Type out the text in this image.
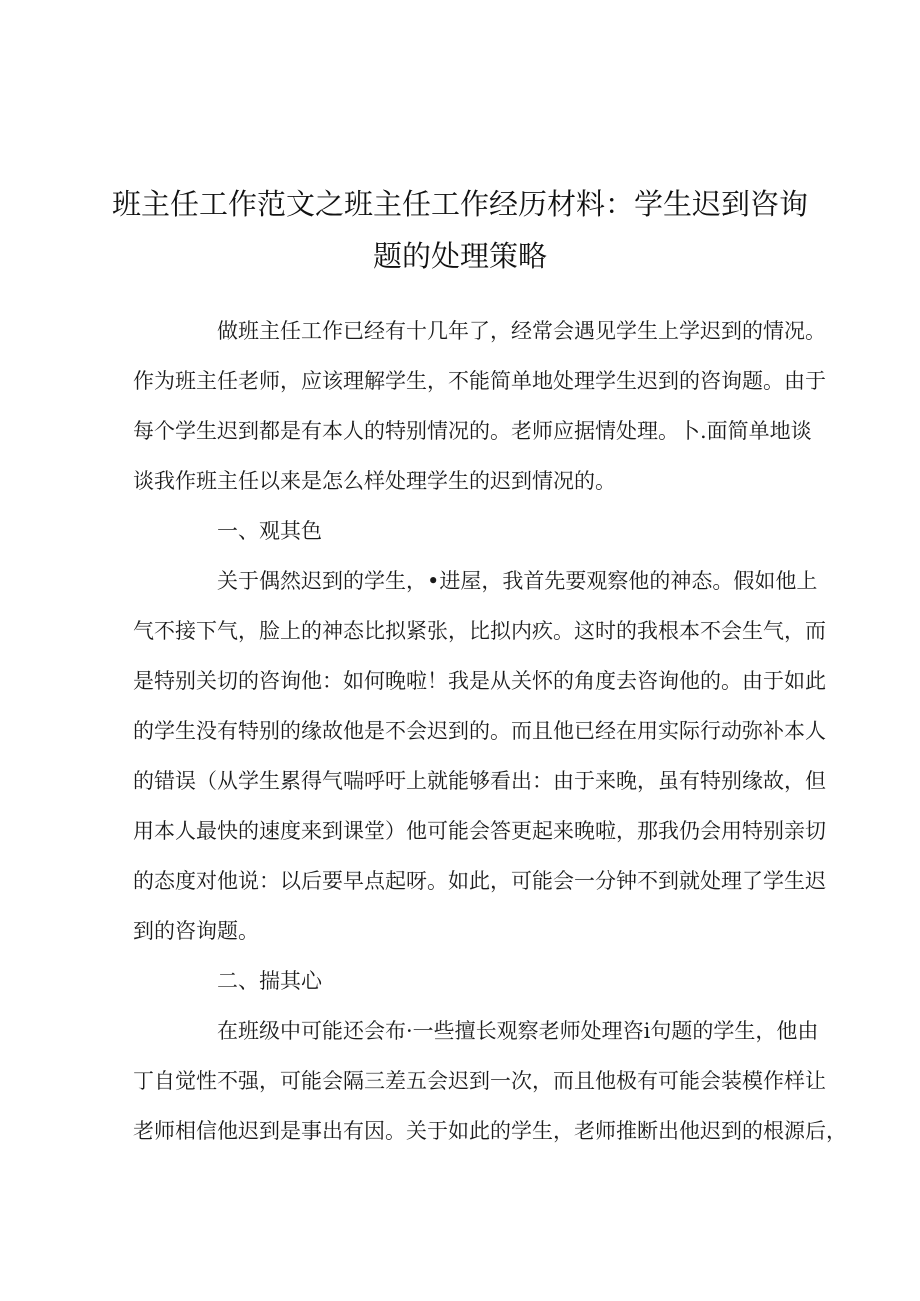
班主任工作范文之班主任工作经历材料：学生迟到咨询
题的处理策略
做班主任工作已经有十几年了，经常会遇见学生上学迟到的情况。
作为班主任老师，应该理解学生，不能简单地处理学生迟到的咨询题。由于
每个学生迟到都是有本人的特别情况的。老师应据情处理。卜.面简单地谈
谈我作班主任以来是怎么样处理学生的迟到情况的。
一、观其色
关于偶然迟到的学生，•进屋，我首先要观察他的神态。假如他上
气不接下气，脸上的神态比拟紧张，比拟内疚。这时的我根本不会生气，而
是特别关切的咨询他：如何晚啦！我是从关怀的角度去咨询他的。由于如此
的学生没有特别的缘故他是不会迟到的。而且他已经在用实际行动弥补本人
的错误（从学生累得气喘呼吁上就能够看出：由于来晚，虽有特别缘故，但
用本人最快的速度来到课堂）他可能会答更起来晚啦，那我仍会用特别亲切
的态度对他说：以后要早点起呀。如此，可能会一分钟不到就处理了学生迟
到的咨询题。
二、揣其心
在班级中可能还会布·一些擅长观察老师处理咨i句题的学生，他由
丁自觉性不强，可能会隔三差五会迟到一次，而且他极有可能会装模作样让
老师相信他迟到是事出有因。关于如此的学生，老师推断出他迟到的根源后，
